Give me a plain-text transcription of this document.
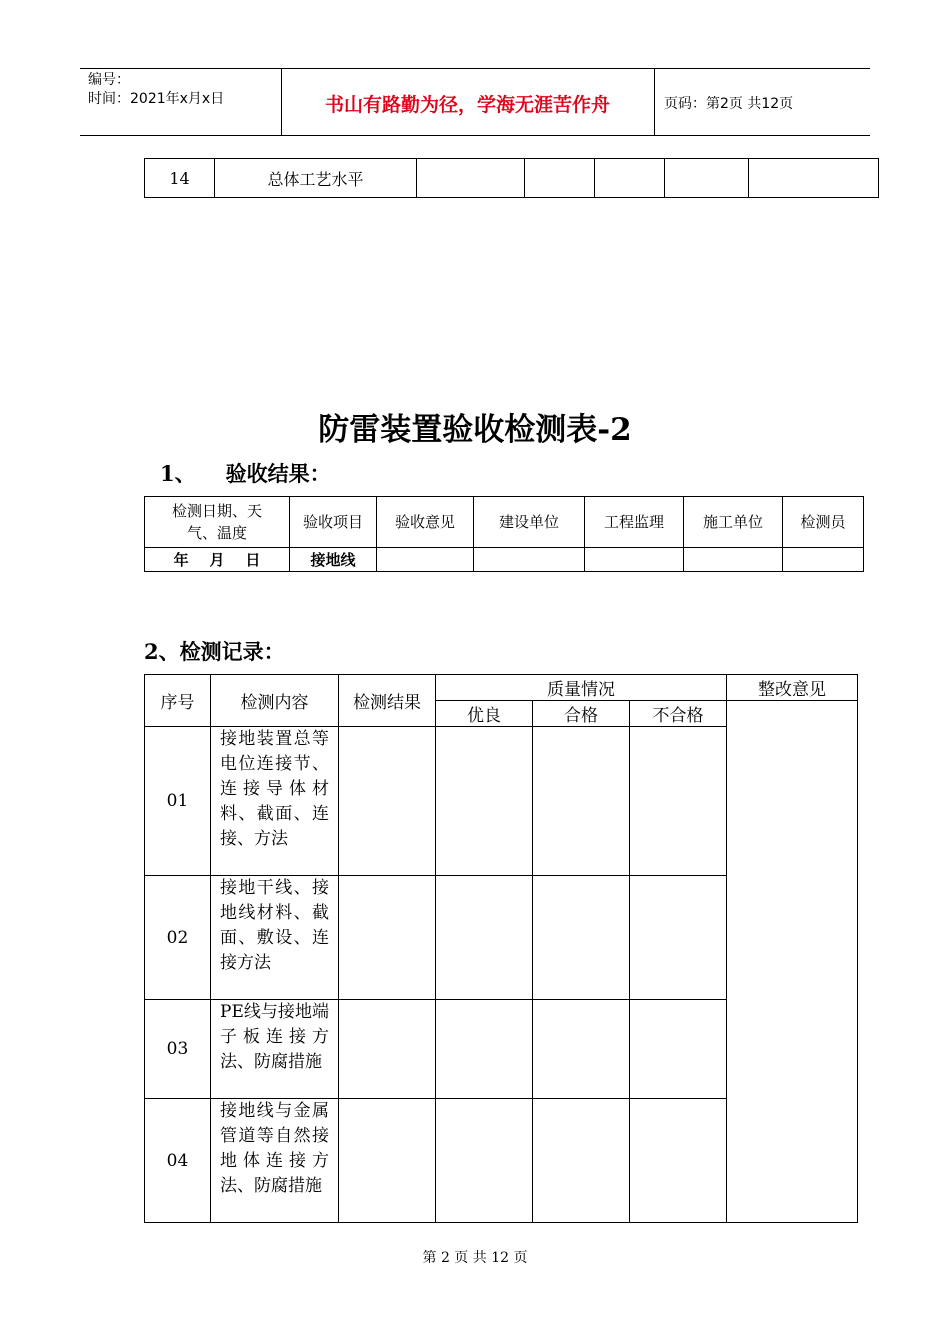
编号：
时间：2021年x月x日	书山有路勤为径，学海无涯苦作舟	页码：第2页 共12页
14	总体工艺水平					
防雷装置验收检测表-2
1、 验收结果：
检测日期、天气、温度	验收项目	验收意见	建设单位	工程监理	施工单位	检测员
年    月    日	接地线					
2、检测记录：
序号	检测内容	检测结果	质量情况			整改意见
			优良	合格	不合格	
01	接地装置总等电位连接节、连接导体材料、截面、连接、方法					
02	接地干线、接地线材料、截面、敷设、连接方法					
03	PE线与接地端子板连接方法、防腐措施					
04	接地线与金属管道等自然接地体连接方法、防腐措施					
第 2 页 共 12 页
